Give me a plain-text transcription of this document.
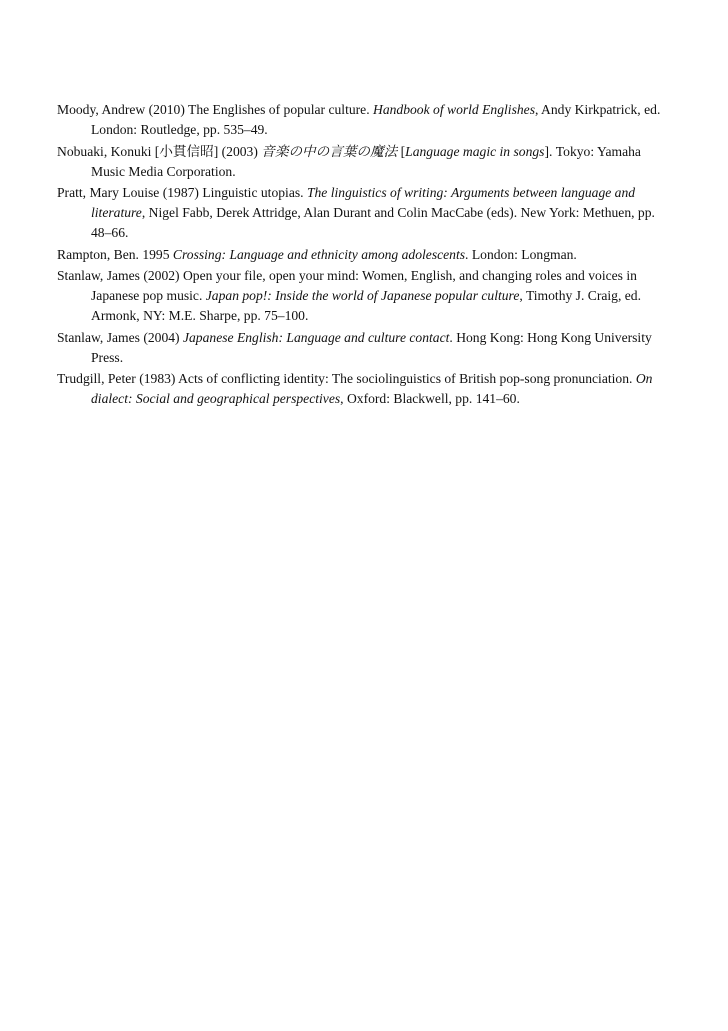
Moody, Andrew (2010) The Englishes of popular culture. Handbook of world Englishes, Andy Kirkpatrick, ed. London: Routledge, pp. 535–49.

Nobuaki, Konuki [小貫信昭] (2003) 音楽の中の言葉の魔法 [Language magic in songs]. Tokyo: Yamaha Music Media Corporation.

Pratt, Mary Louise (1987) Linguistic utopias. The linguistics of writing: Arguments between language and literature, Nigel Fabb, Derek Attridge, Alan Durant and Colin MacCabe (eds). New York: Methuen, pp. 48–66.

Rampton, Ben. 1995 Crossing: Language and ethnicity among adolescents. London: Longman.

Stanlaw, James (2002) Open your file, open your mind: Women, English, and changing roles and voices in Japanese pop music. Japan pop!: Inside the world of Japanese popular culture, Timothy J. Craig, ed. Armonk, NY: M.E. Sharpe, pp. 75–100.

Stanlaw, James (2004) Japanese English: Language and culture contact. Hong Kong: Hong Kong University Press.

Trudgill, Peter (1983) Acts of conflicting identity: The sociolinguistics of British pop-song pronunciation. On dialect: Social and geographical perspectives, Oxford: Blackwell, pp. 141–60.
